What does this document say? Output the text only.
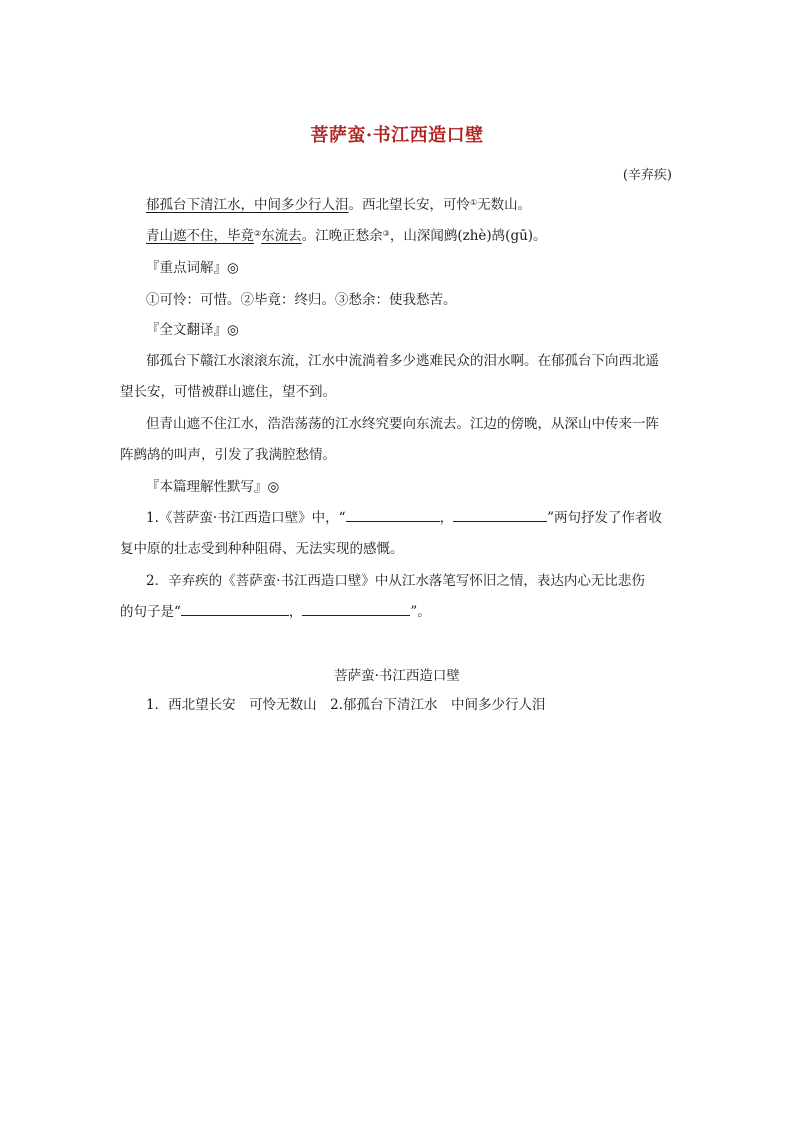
菩萨蛮·书江西造口壁
(辛弃疾)
郁孤台下清江水，中间多少行人泪。西北望长安，可怜①无数山。
青山遮不住，毕竟②东流去。江晚正愁余③，山深闻鹧(zhè)鸪(gū)。
『重点词解』◎
①可怜：可惜。②毕竟：终归。③愁余：使我愁苦。
『全文翻译』◎
郁孤台下赣江水滚滚东流，江水中流淌着多少逃难民众的泪水啊。在郁孤台下向西北遥
望长安，可惜被群山遮住，望不到。
但青山遮不住江水，浩浩荡荡的江水终究要向东流去。江边的傍晚，从深山中传来一阵
阵鹧鸪的叫声，引发了我满腔愁情。
『本篇理解性默写』◎
1.《菩萨蛮·书江西造口壁》中，“	，	”两句抒发了作者收
复中原的壮志受到种种阻碍、无法实现的感慨。
2．辛弃疾的《菩萨蛮·书江西造口壁》中从江水落笔写怀旧之情，表达内心无比悲伤
的句子是“	，	”。
菩萨蛮·书江西造口壁
1．西北望长安　可怜无数山　2.郁孤台下清江水　中间多少行人泪
